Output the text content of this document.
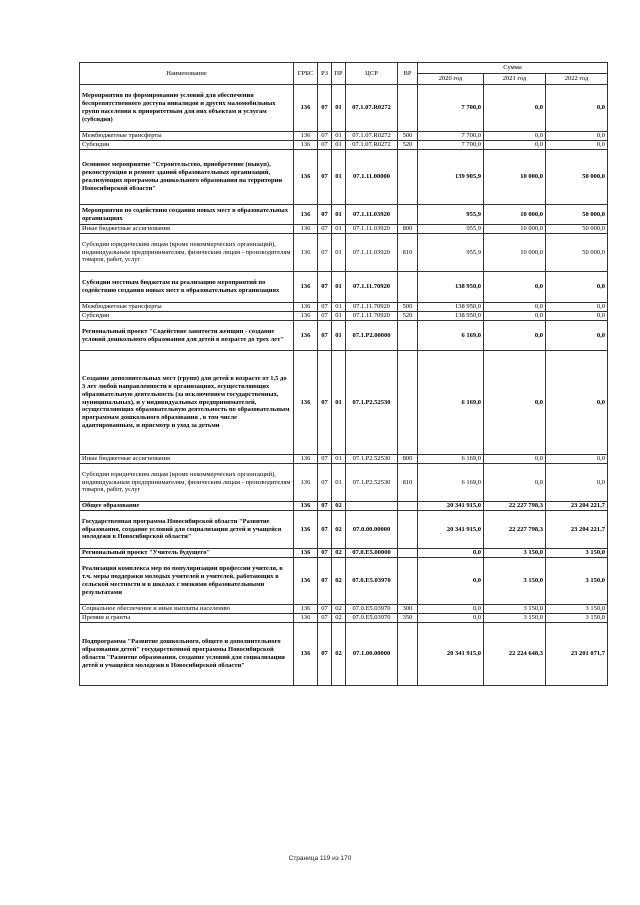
Наименование	ГРБС	РЗ	ПР	ЦСР	ВР	Сумма		
						2020 год	2021 год	2022 год
Мероприятия по формированию условий для обеспечения беспрепятственного доступа инвалидов и других маломобильных групп населения к приоритетным для них объектам и услугам (субсидия)	136	07	01	07.1.07.R0272		7 700,0	0,0	0,0
Межбюджетные трансферты	136	07	01	07.1.07.R0272	500	7 700,0	0,0	0,0
Субсидии	136	07	01	07.1.07.R0272	520	7 700,0	0,0	0,0
Основное мероприятие "Строительство, приобретение (выкуп), реконструкция и ремонт зданий образовательных организаций, реализующих программы дошкольного образования на территории Новосибирской области"	136	07	01	07.1.11.00000		139 905,9	10 000,0	50 000,0
Мероприятия по содействию создания новых мест в образовательных организациях	136	07	01	07.1.11.03920		955,9	10 000,0	50 000,0
Иные бюджетные ассигнования	136	07	01	07.1.11.03920	800	955,9	10 000,0	50 000,0
Субсидии юридическим лицам (кроме некоммерческих организаций), индивидуальным предпринимателям, физическим лицам - производителям товаров, работ, услуг	136	07	01	07.1.11.03920	810	955,9	10 000,0	50 000,0
Субсидии местным бюджетам на реализацию мероприятий по содействию создания новых мест в образовательных организациях	136	07	01	07.1.11.70920		138 950,0	0,0	0,0
Межбюджетные трансферты	136	07	01	07.1.11.70920	500	138 950,0	0,0	0,0
Субсидии	136	07	01	07.1.11.70920	520	138 950,0	0,0	0,0
Региональный проект "Содействие занятости женщин - создание условий дошкольного образования для детей в возрасте до трех лет"	136	07	01	07.1.P2.00000		6 169,0	0,0	0,0
Создание дополнительных мест (групп) для детей в возрасте от 1,5 до 3 лет любой направленности в организациях, осуществляющих образовательную деятельность (за исключением государственных, муниципальных), и у индивидуальных предпринимателей, осуществляющих образовательную деятельность по образовательным программам дошкольного образования , в том числе адаптированным, и присмотр и уход за детьми	136	07	01	07.1.P2.52530		6 169,0	0,0	0,0
Иные бюджетные ассигнования	136	07	01	07.1.P2.52530	800	6 169,0	0,0	0,0
Субсидии юридическим лицам (кроме некоммерческих организаций), индивидуальным предпринимателям, физическим лицам - производителям товаров, работ, услуг	136	07	01	07.1.P2.52530	810	6 169,0	0,0	0,0
Общее образование	136	07	02			20 341 915,0	22 227 798,3	23 204 221,7
Государственная программа Новосибирской области "Развитие образования, создание условий для социализации детей и учащейся молодежи в Новосибирской области"	136	07	02	07.0.00.00000		20 341 915,0	22 227 798,3	23 204 221,7
Региональный проект "Учитель будущего"	136	07	02	07.0.E5.00000		0,0	3 150,0	3 150,0
Реализация комплекса мер по популяризации профессии учителя, в т.ч. меры поддержки молодых учителей и учителей, работающих в сельской местности и в школах с низкими образовательными результатами	136	07	02	07.0.E5.03970		0,0	3 150,0	3 150,0
Социальное обеспечение и иные выплаты населению	136	07	02	07.0.E5.03970	300	0,0	3 150,0	3 150,0
Премии и гранты	136	07	02	07.0.E5.03970	350	0,0	3 150,0	3 150,0
Подпрограмма "Развитие дошкольного, общего и дополнительного образования детей" государственной программы Новосибирской области "Развитие образования, создание условий для социализации детей и учащейся молодежи в Новосибирской области"	136	07	02	07.1.00.00000		20 341 915,0	22 224 648,3	23 201 071,7
Страница 119 из 170
